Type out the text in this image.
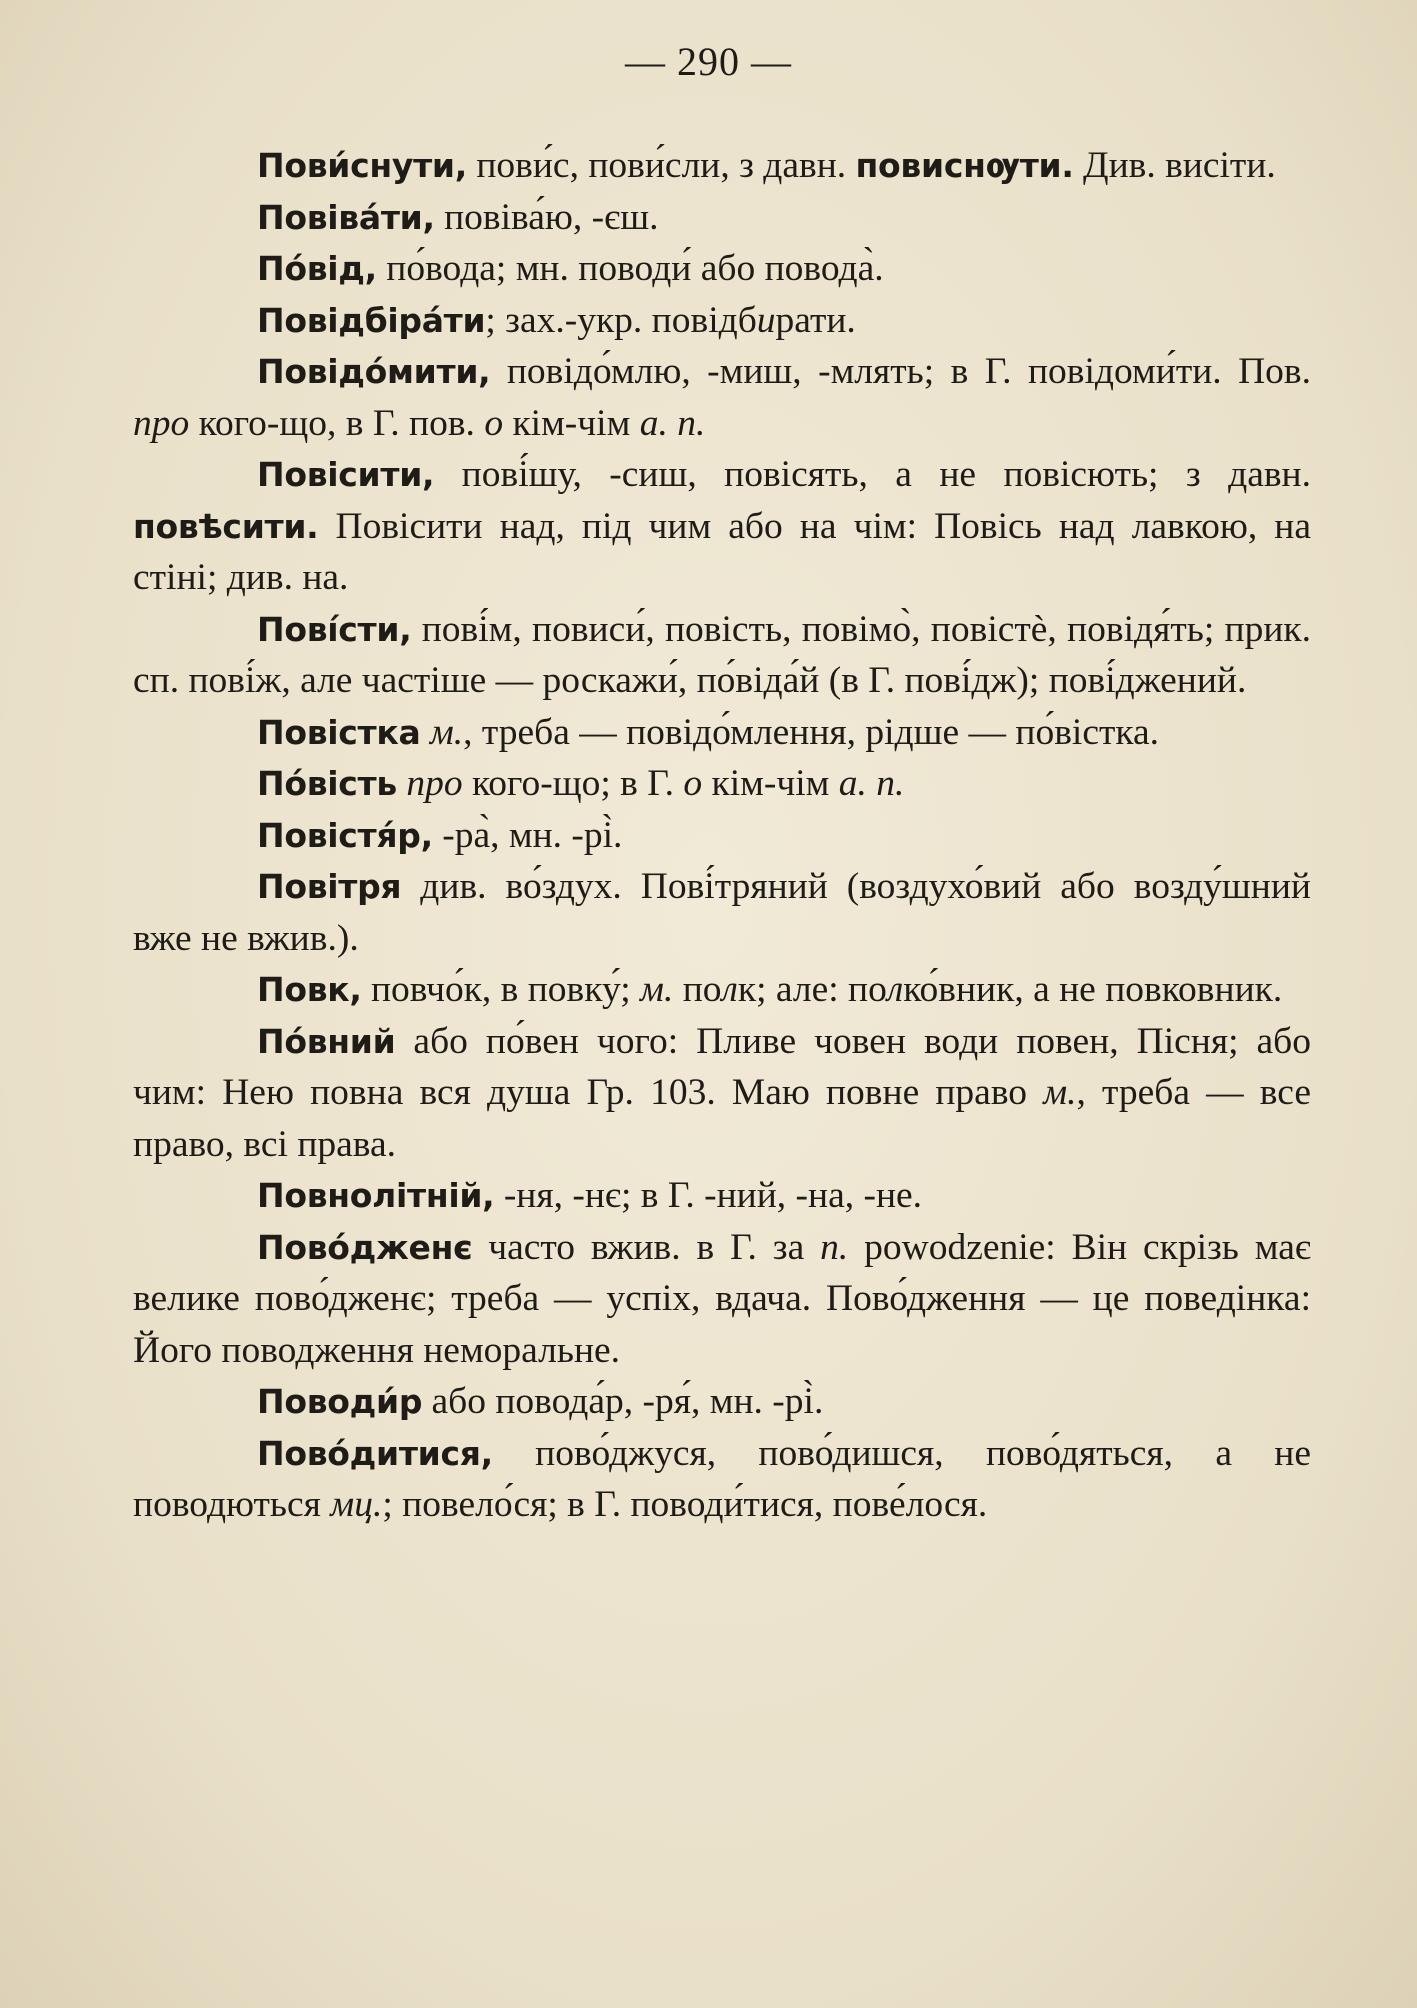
— 290 —

Пови́снути, пови́с, пови́сли, з давн. повиснѹти. Див. висіти.

Повіва́ти, повіва́ю, -єш.

По́від, по́вода; мн. поводи́ або повода̀.

Повідбіра́ти; зах.-укр. повідбирати.

Повідо́мити, повідо́млю, -миш, -млять; в Г. повідоми́ти. Пов. про кого-що, в Г. пов. о кім-чім а. п.

Повісити, пові́шу, -сиш, повісять, а не повісють; з давн. повѣсити. Повісити над, під чим або на чім: Повісь над лавкою, на стіні; див. на.

Пові́сти, пові́м, повиси́, повість, повімо̀, повістѐ, повідя́ть; прик. сп. пові́ж, але частіше — роскажи́, по́віда́й (в Г. пові́дж); пові́джений.

Повістка м., треба — повідо́млення, рідше — по́вістка.

По́вість про кого-що; в Г. о кім-чім а. п.

Повістя́р, -ра̀, мн. -рі̀.

Повітря див. во́здух. Пові́тряний (воздухо́вий або возду́шний вже не вжив.).

Повк, повчо́к, в повку́; м. полк; але: полко́вник, а не повковник.

По́вний або по́вен чого: Пливе човен води повен, Пісня; або чим: Нею повна вся душа Гр. 103. Маю повне право м., треба — все право, всі права.

Повнолітній, -ня, -нє; в Г. -ний, -на, -не.

Пово́дженє часто вжив. в Г. за п. powodzenie: Він скрізь має велике пово́дженє; треба — успіх, вдача. Пово́дження — це поведінка: Його поводження неморальне.

Поводи́р або повода́р, -ря́, мн. -рі̀.

Пово́дитися, пово́джуся, пово́дишся, пово́дяться, а не поводються мц.; повело́ся; в Г. поводи́тися, пове́лося.
